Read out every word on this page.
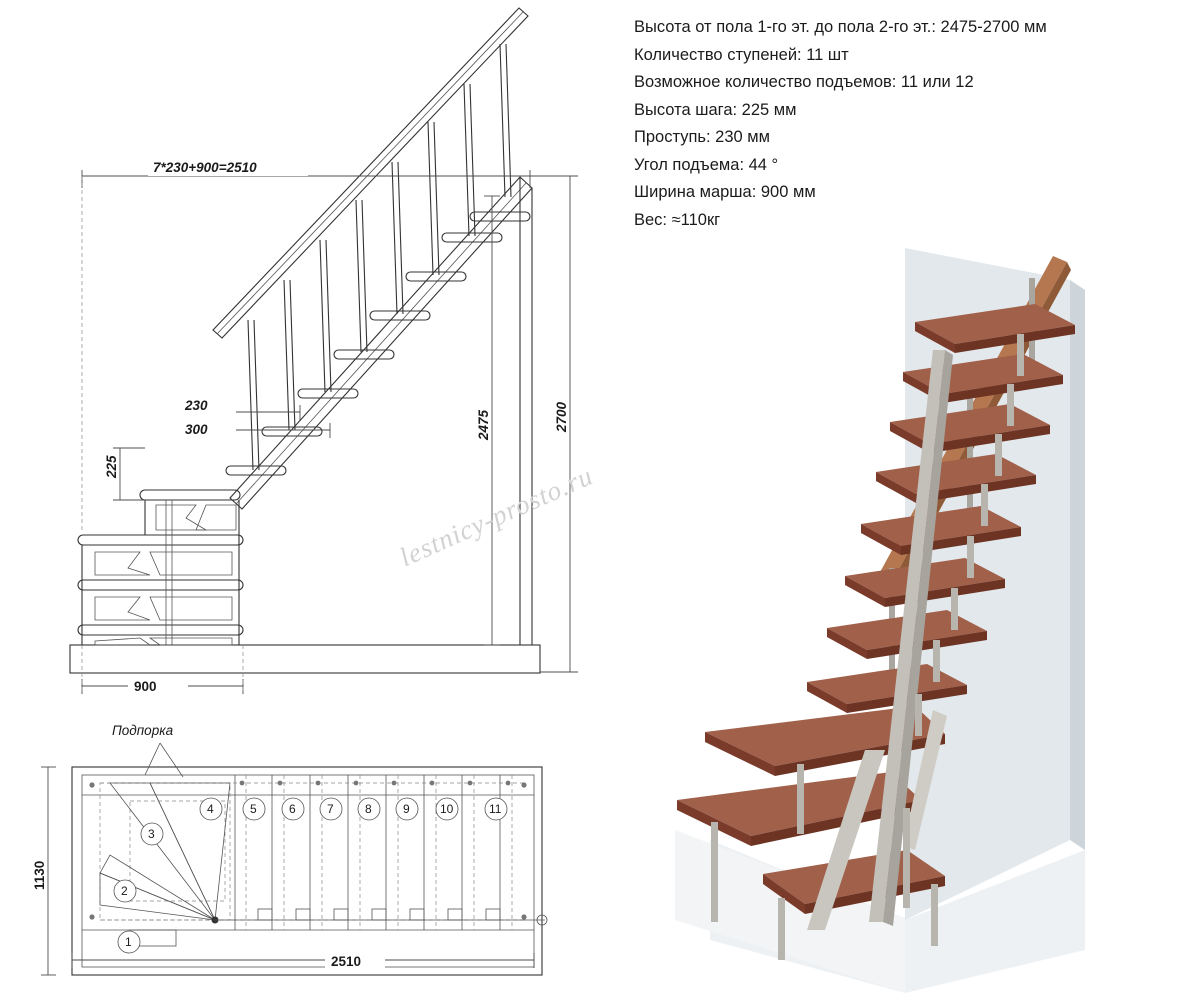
Высота от пола 1-го эт. до пола 2-го эт.: 2475-2700 мм
Количество ступеней: 11 шт
Возможное количество подъемов: 11 или 12
Высота шага: 225 мм
Проступь: 230 мм
Угол подъема: 44 °
Ширина марша: 900 мм
Вес: ≈110кг
230
300
225
7*230+900=2510
2700
2475
900
1
2
3
4	5	6	7	8	9	10	11
Подпорка
1130
2510
lestnicy-prosto.ru
